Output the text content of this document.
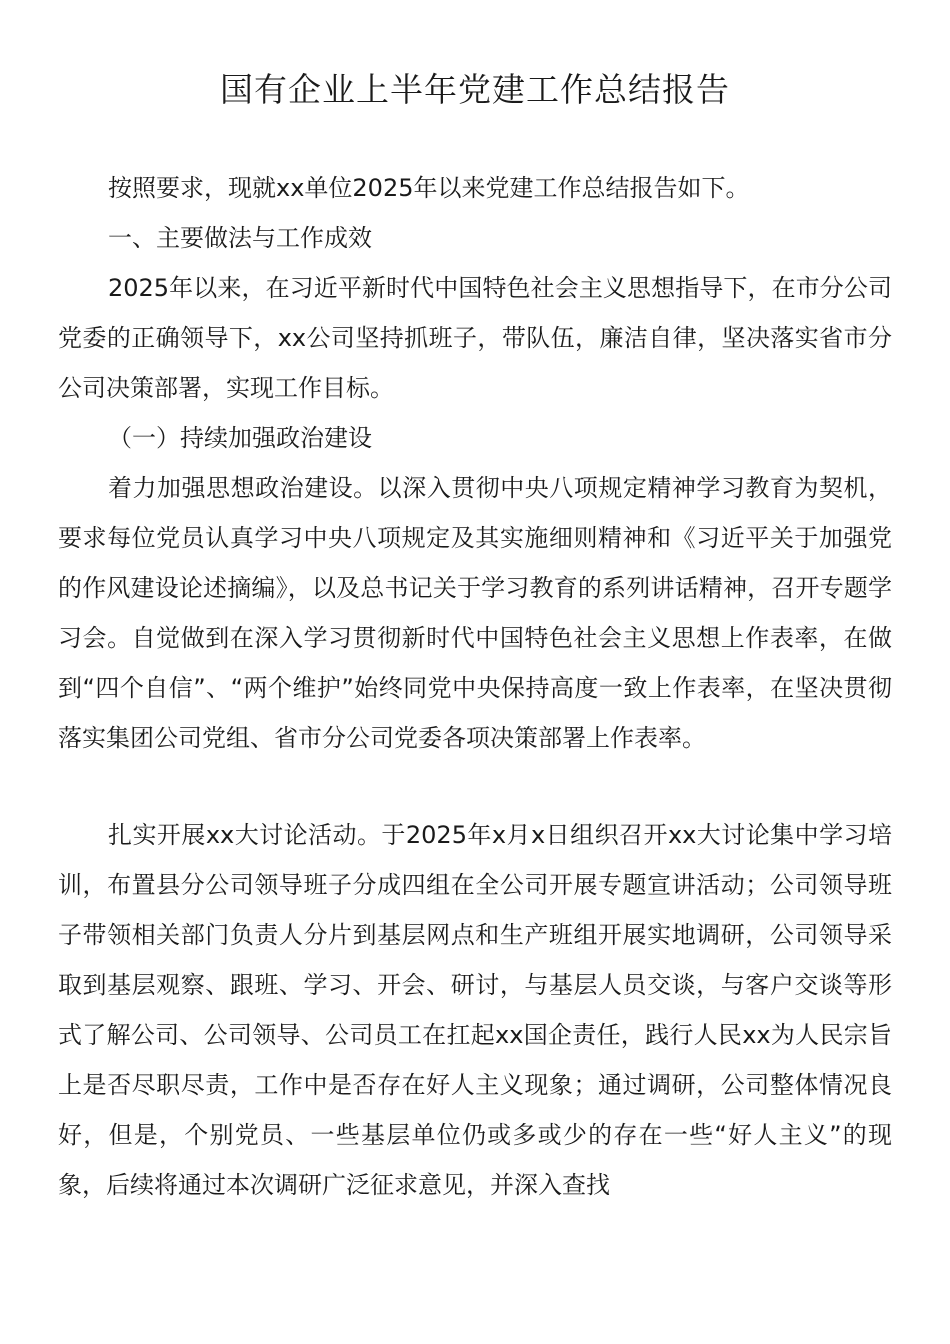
国有企业上半年党建工作总结报告

按照要求，现就xx单位2025年以来党建工作总结报告如下。

一、主要做法与工作成效

2025年以来，在习近平新时代中国特色社会主义思想指导下，在市分公司党委的正确领导下，xx公司坚持抓班子，带队伍，廉洁自律，坚决落实省市分公司决策部署，实现工作目标。

（一）持续加强政治建设

着力加强思想政治建设。以深入贯彻中央八项规定精神学习教育为契机，要求每位党员认真学习中央八项规定及其实施细则精神和《习近平关于加强党的作风建设论述摘编》，以及总书记关于学习教育的系列讲话精神，召开专题学习会。自觉做到在深入学习贯彻新时代中国特色社会主义思想上作表率，在做到“四个自信”、“两个维护”始终同党中央保持高度一致上作表率，在坚决贯彻落实集团公司党组、省市分公司党委各项决策部署上作表率。

扎实开展xx大讨论活动。于2025年x月x日组织召开xx大讨论集中学习培训，布置县分公司领导班子分成四组在全公司开展专题宣讲活动；公司领导班子带领相关部门负责人分片到基层网点和生产班组开展实地调研，公司领导采取到基层观察、跟班、学习、开会、研讨，与基层人员交谈，与客户交谈等形式了解公司、公司领导、公司员工在扛起xx国企责任，践行人民xx为人民宗旨上是否尽职尽责，工作中是否存在好人主义现象；通过调研，公司整体情况良好，但是，个别党员、一些基层单位仍或多或少的存在一些“好人主义”的现象，后续将通过本次调研广泛征求意见，并深入查找
